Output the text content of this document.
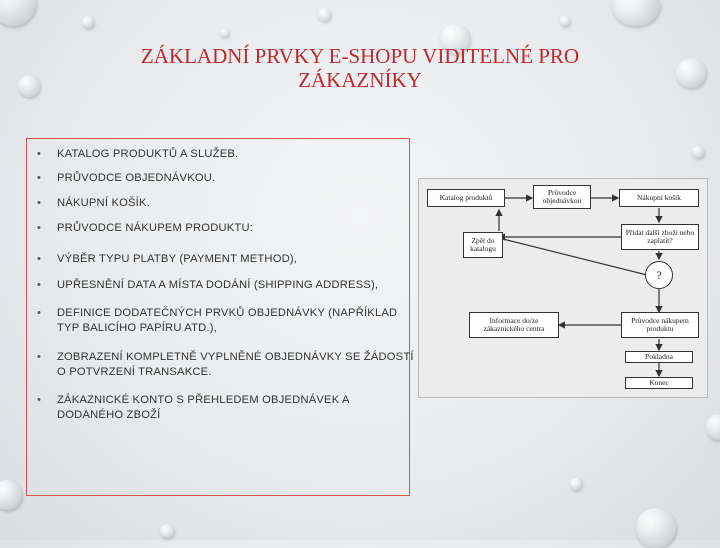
ZÁKLADNÍ PRVKY E-SHOPU VIDITELNÉ PRO ZÁKAZNÍKY
• KATALOG PRODUKTŮ A SLUŽEB.
• PRŮVODCE OBJEDNÁVKOU.
• NÁKUPNÍ KOŠÍK.
• PRŮVODCE NÁKUPEM PRODUKTU:
• VÝBĚR TYPU PLATBY (PAYMENT METHOD),
• UPŘESNĚNÍ DATA A MÍSTA DODÁNÍ (SHIPPING ADDRESS),
• DEFINICE DODATEČNÝCH PRVKŮ OBJEDNÁVKY (NAPŘÍKLAD TYP BALICÍHO PAPÍRU ATD.),
• ZOBRAZENÍ KOMPLETNĚ VYPLNĚNÉ OBJEDNÁVKY SE ŽÁDOSTÍ O POTVRZENÍ TRANSAKCE.
• ZÁKAZNICKÉ KONTO S PŘEHLEDEM OBJEDNÁVEK A DODANÉHO ZBOŽÍ
Katalog produktů
Průvodce objednávkou	Nákupní košík
Zpět do katalogu
Přidat další zboží nebo zaplatit?
?
Informace do/ze zákaznického centra
Průvodce nákupem produktu
Pokladna
Konec
